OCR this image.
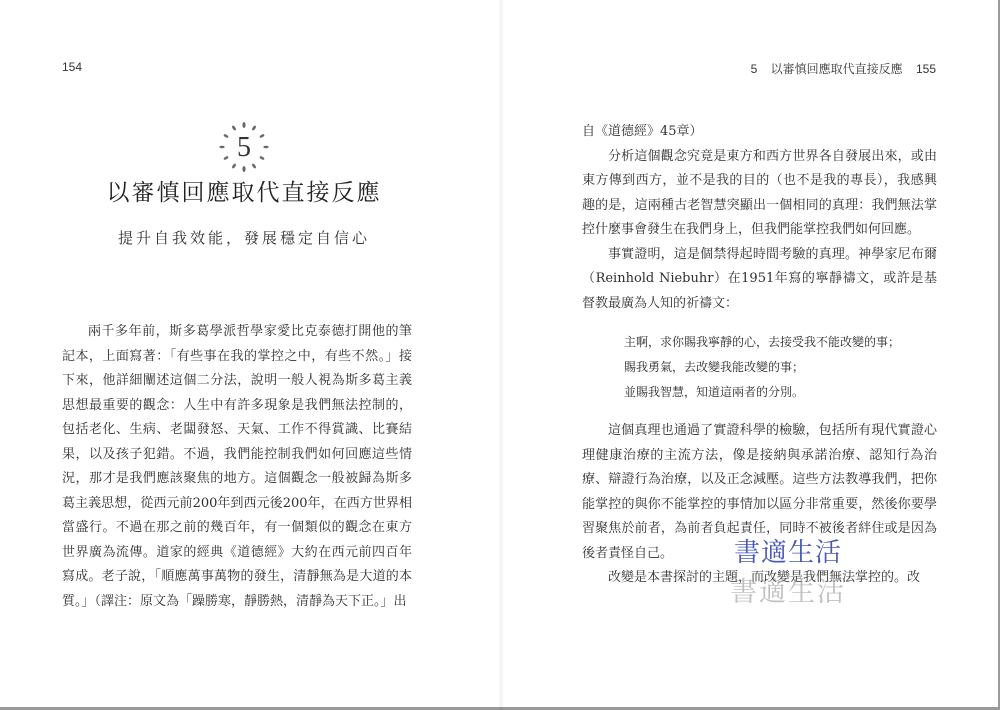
154
5
以審慎回應取代直接反應
提升自我效能，發展穩定自信心

兩千多年前，斯多葛學派哲學家愛比克泰德打開他的筆記本，上面寫著：「有些事在我的掌控之中，有些不然。」接下來，他詳細闡述這個二分法，說明一般人視為斯多葛主義思想最重要的觀念：人生中有許多現象是我們無法控制的，包括老化、生病、老闆發怒、天氣、工作不得賞識、比賽結果，以及孩子犯錯。不過，我們能控制我們如何回應這些情況，那才是我們應該聚焦的地方。這個觀念一般被歸為斯多葛主義思想，從西元前200年到西元後200年，在西方世界相當盛行。不過在那之前的幾百年，有一個類似的觀念在東方世界廣為流傳。道家的經典《道德經》大約在西元前四百年寫成。老子說，「順應萬事萬物的發生，清靜無為是大道的本質。」（譯注：原文為「躁勝寒，靜勝熱，清靜為天下正。」出

5 以審慎回應取代直接反應 155

自《道德經》45章）

分析這個觀念究竟是東方和西方世界各自發展出來，或由東方傳到西方，並不是我的目的（也不是我的專長），我感興趣的是，這兩種古老智慧突顯出一個相同的真理：我們無法掌控什麼事會發生在我們身上，但我們能掌控我們如何回應。

事實證明，這是個禁得起時間考驗的真理。神學家尼布爾（Reinhold Niebuhr）在1951年寫的寧靜禱文，或許是基督教最廣為人知的祈禱文：

主啊，求你賜我寧靜的心，去接受我不能改變的事；
賜我勇氣，去改變我能改變的事；
並賜我智慧，知道這兩者的分別。

這個真理也通過了實證科學的檢驗，包括所有現代實證心理健康治療的主流方法，像是接納與承諾治療、認知行為治療、辯證行為治療，以及正念減壓。這些方法教導我們，把你能掌控的與你不能掌控的事情加以區分非常重要，然後你要學習聚焦於前者，為前者負起責任，同時不被後者絆住或是因為後者責怪自己。

改變是本書探討的主題，而改變是我們無法掌控的。改

書適生活
書適生活
